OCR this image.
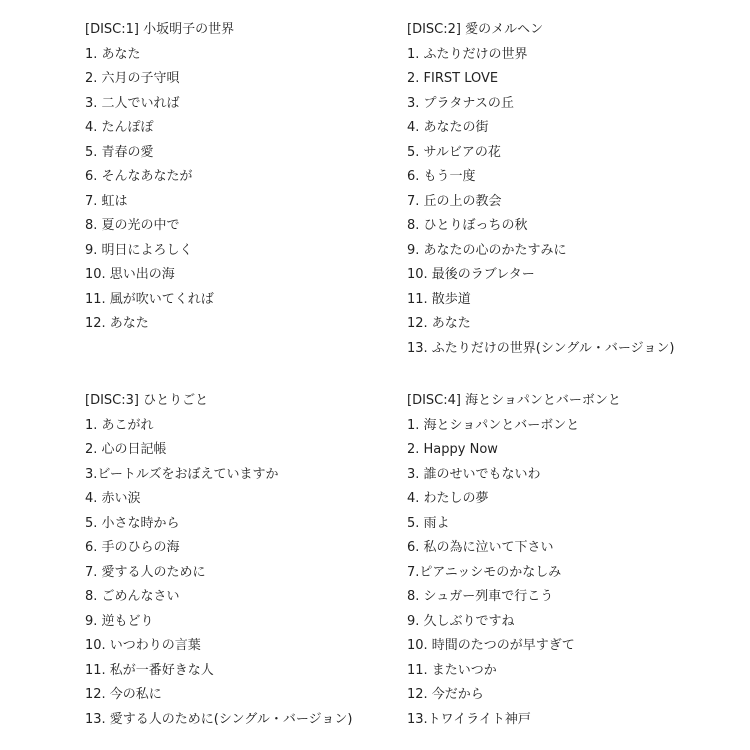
[DISC:1] 小坂明子の世界
1. あなた
2. 六月の子守唄
3. 二人でいれば
4. たんぽぽ
5. 青春の愛
6. そんなあなたが
7. 虹は
8. 夏の光の中で
9. 明日によろしく
10. 思い出の海
11. 風が吹いてくれば
12. あなた
[DISC:2] 愛のメルヘン
1. ふたりだけの世界
2. FIRST LOVE
3. プラタナスの丘
4. あなたの街
5. サルビアの花
6. もう一度
7. 丘の上の教会
8. ひとりぼっちの秋
9. あなたの心のかたすみに
10. 最後のラブレター
11. 散歩道
12. あなた
13. ふたりだけの世界(シングル・バージョン)
[DISC:3] ひとりごと
1. あこがれ
2. 心の日記帳
3.ビートルズをおぼえていますか
4. 赤い涙
5. 小さな時から
6. 手のひらの海
7. 愛する人のために
8. ごめんなさい
9. 逆もどり
10. いつわりの言葉
11. 私が一番好きな人
12. 今の私に
13. 愛する人のために(シングル・バージョン)
[DISC:4] 海とショパンとバーボンと
1. 海とショパンとバーボンと
2. Happy Now
3. 誰のせいでもないわ
4. わたしの夢
5. 雨よ
6. 私の為に泣いて下さい
7.ピアニッシモのかなしみ
8. シュガー列車で行こう
9. 久しぶりですね
10. 時間のたつのが早すぎて
11. またいつか
12. 今だから
13.トワイライト神戸
